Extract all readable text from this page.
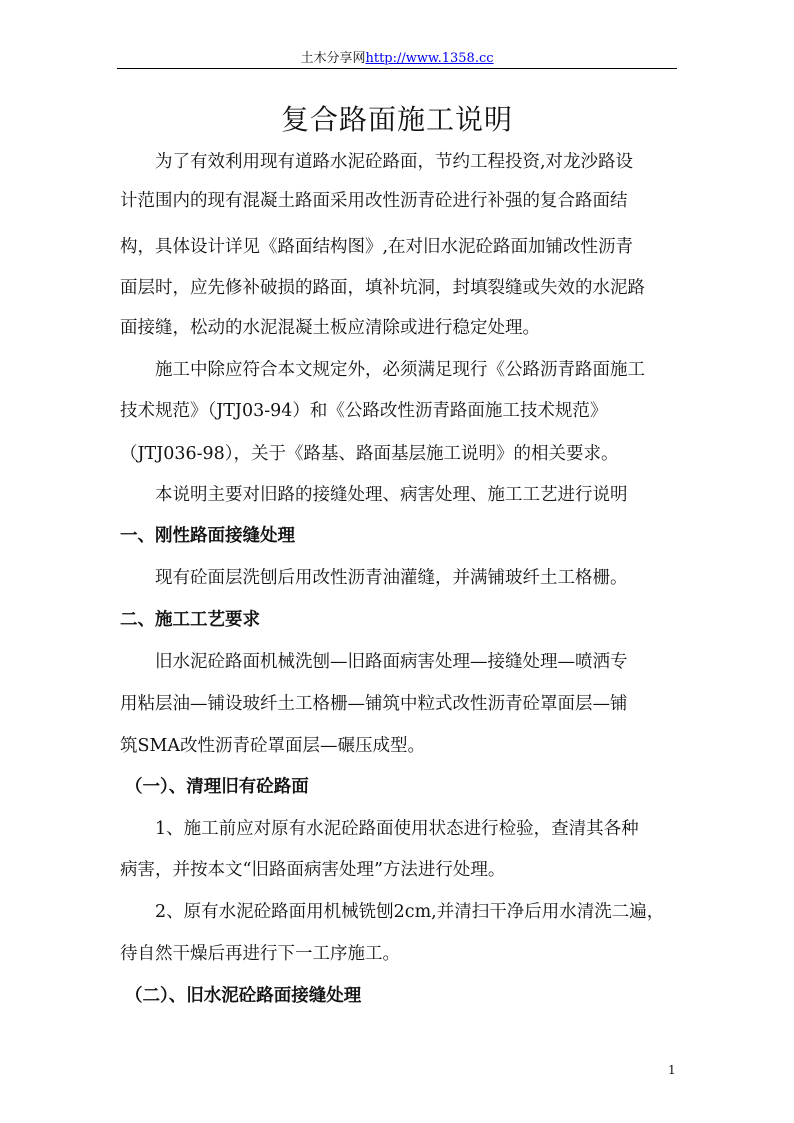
土木分享网http://www.1358.cc
复合路面施工说明
为了有效利用现有道路水泥砼路面，节约工程投资,对龙沙路设
计范围内的现有混凝土路面采用改性沥青砼进行补强的复合路面结
构，具体设计详见《路面结构图》,在对旧水泥砼路面加铺改性沥青
面层时，应先修补破损的路面，填补坑洞，封填裂缝或失效的水泥路
面接缝，松动的水泥混凝土板应清除或进行稳定处理。
施工中除应符合本文规定外，必须满足现行《公路沥青路面施工
技术规范》（JTJ03-94）和《公路改性沥青路面施工技术规范》
（JTJ036-98），关于《路基、路面基层施工说明》的相关要求。
本说明主要对旧路的接缝处理、病害处理、施工工艺进行说明
一、刚性路面接缝处理
现有砼面层洗刨后用改性沥青油灌缝，并满铺玻纤土工格栅。
二、施工工艺要求
旧水泥砼路面机械洗刨—旧路面病害处理—接缝处理—喷洒专
用粘层油—铺设玻纤土工格栅—铺筑中粒式改性沥青砼罩面层—铺
筑SMA改性沥青砼罩面层—碾压成型。
（一）、清理旧有砼路面
1、施工前应对原有水泥砼路面使用状态进行检验，查清其各种
病害，并按本文“旧路面病害处理”方法进行处理。
2、原有水泥砼路面用机械铣刨2cm,并清扫干净后用水清洗二遍，
待自然干燥后再进行下一工序施工。
（二）、旧水泥砼路面接缝处理
1
